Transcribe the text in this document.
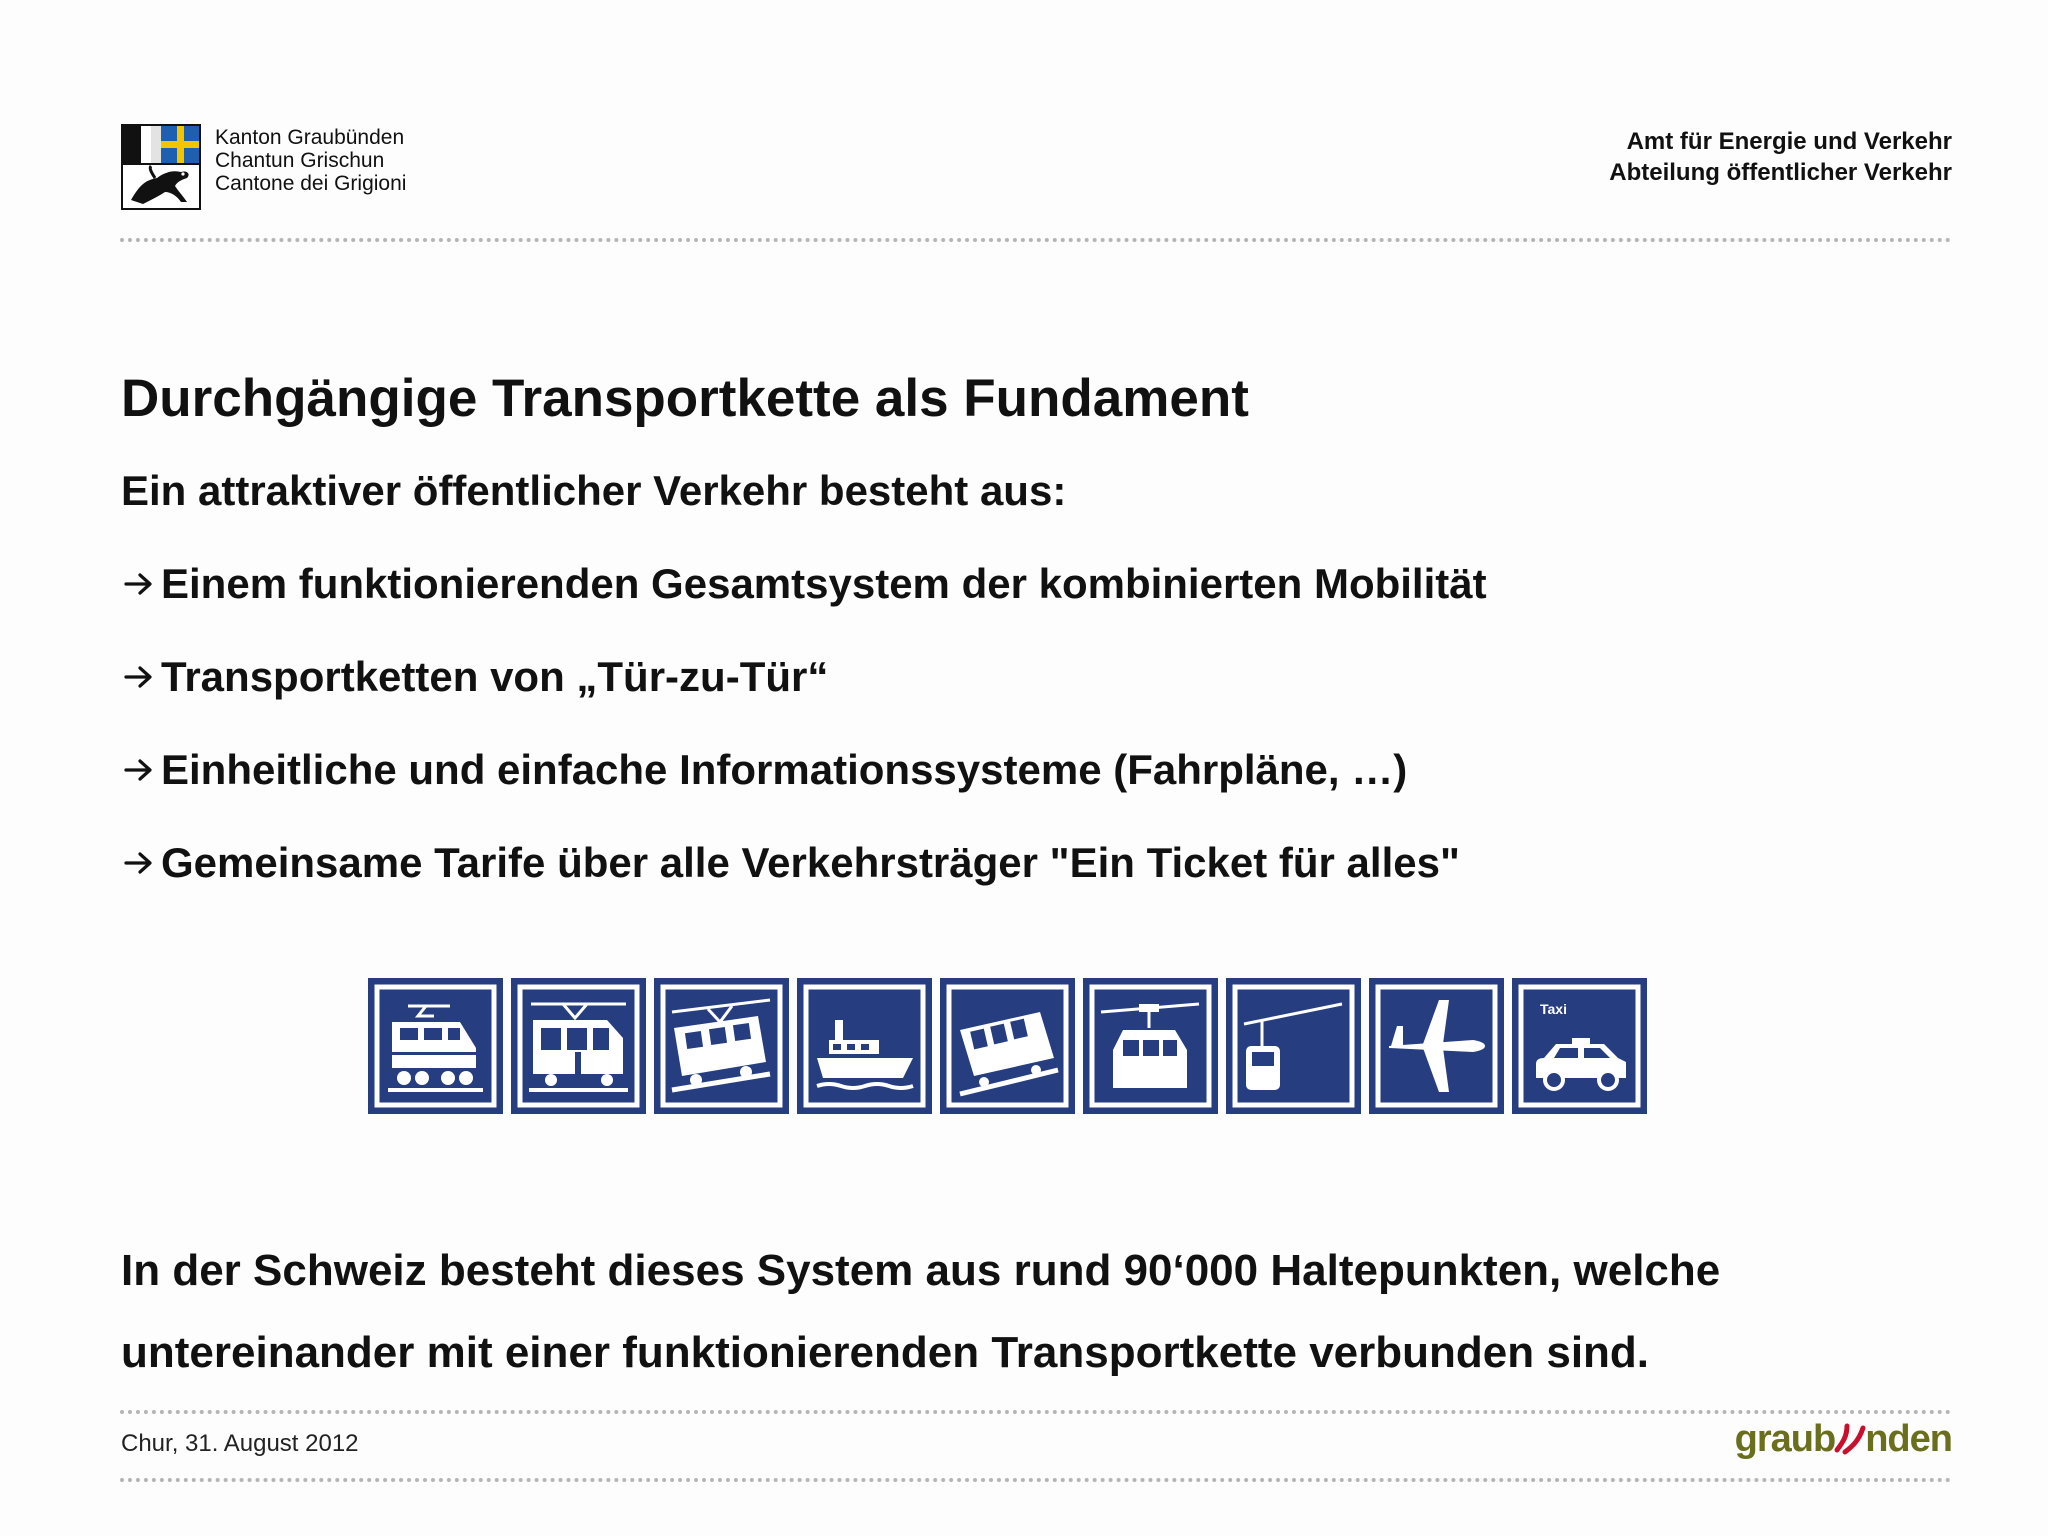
Kanton Graubünden
Chantun Grischun
Cantone dei Grigioni
Amt für Energie und Verkehr
Abteilung öffentlicher Verkehr
Durchgängige Transportkette als Fundament
Ein attraktiver öffentlicher Verkehr besteht aus:
Einem funktionierenden Gesamtsystem der kombinierten Mobilität
Transportketten von „Tür-zu-Tür“
Einheitliche und einfache Informationssysteme (Fahrpläne, …)
Gemeinsame Tarife über alle Verkehrsträger "Ein Ticket für alles"
Taxi
In der Schweiz besteht dieses System aus rund 90‘000 Haltepunkten, welche
untereinander mit einer funktionierenden Transportkette verbunden sind.
Chur, 31. August 2012	graub nden
